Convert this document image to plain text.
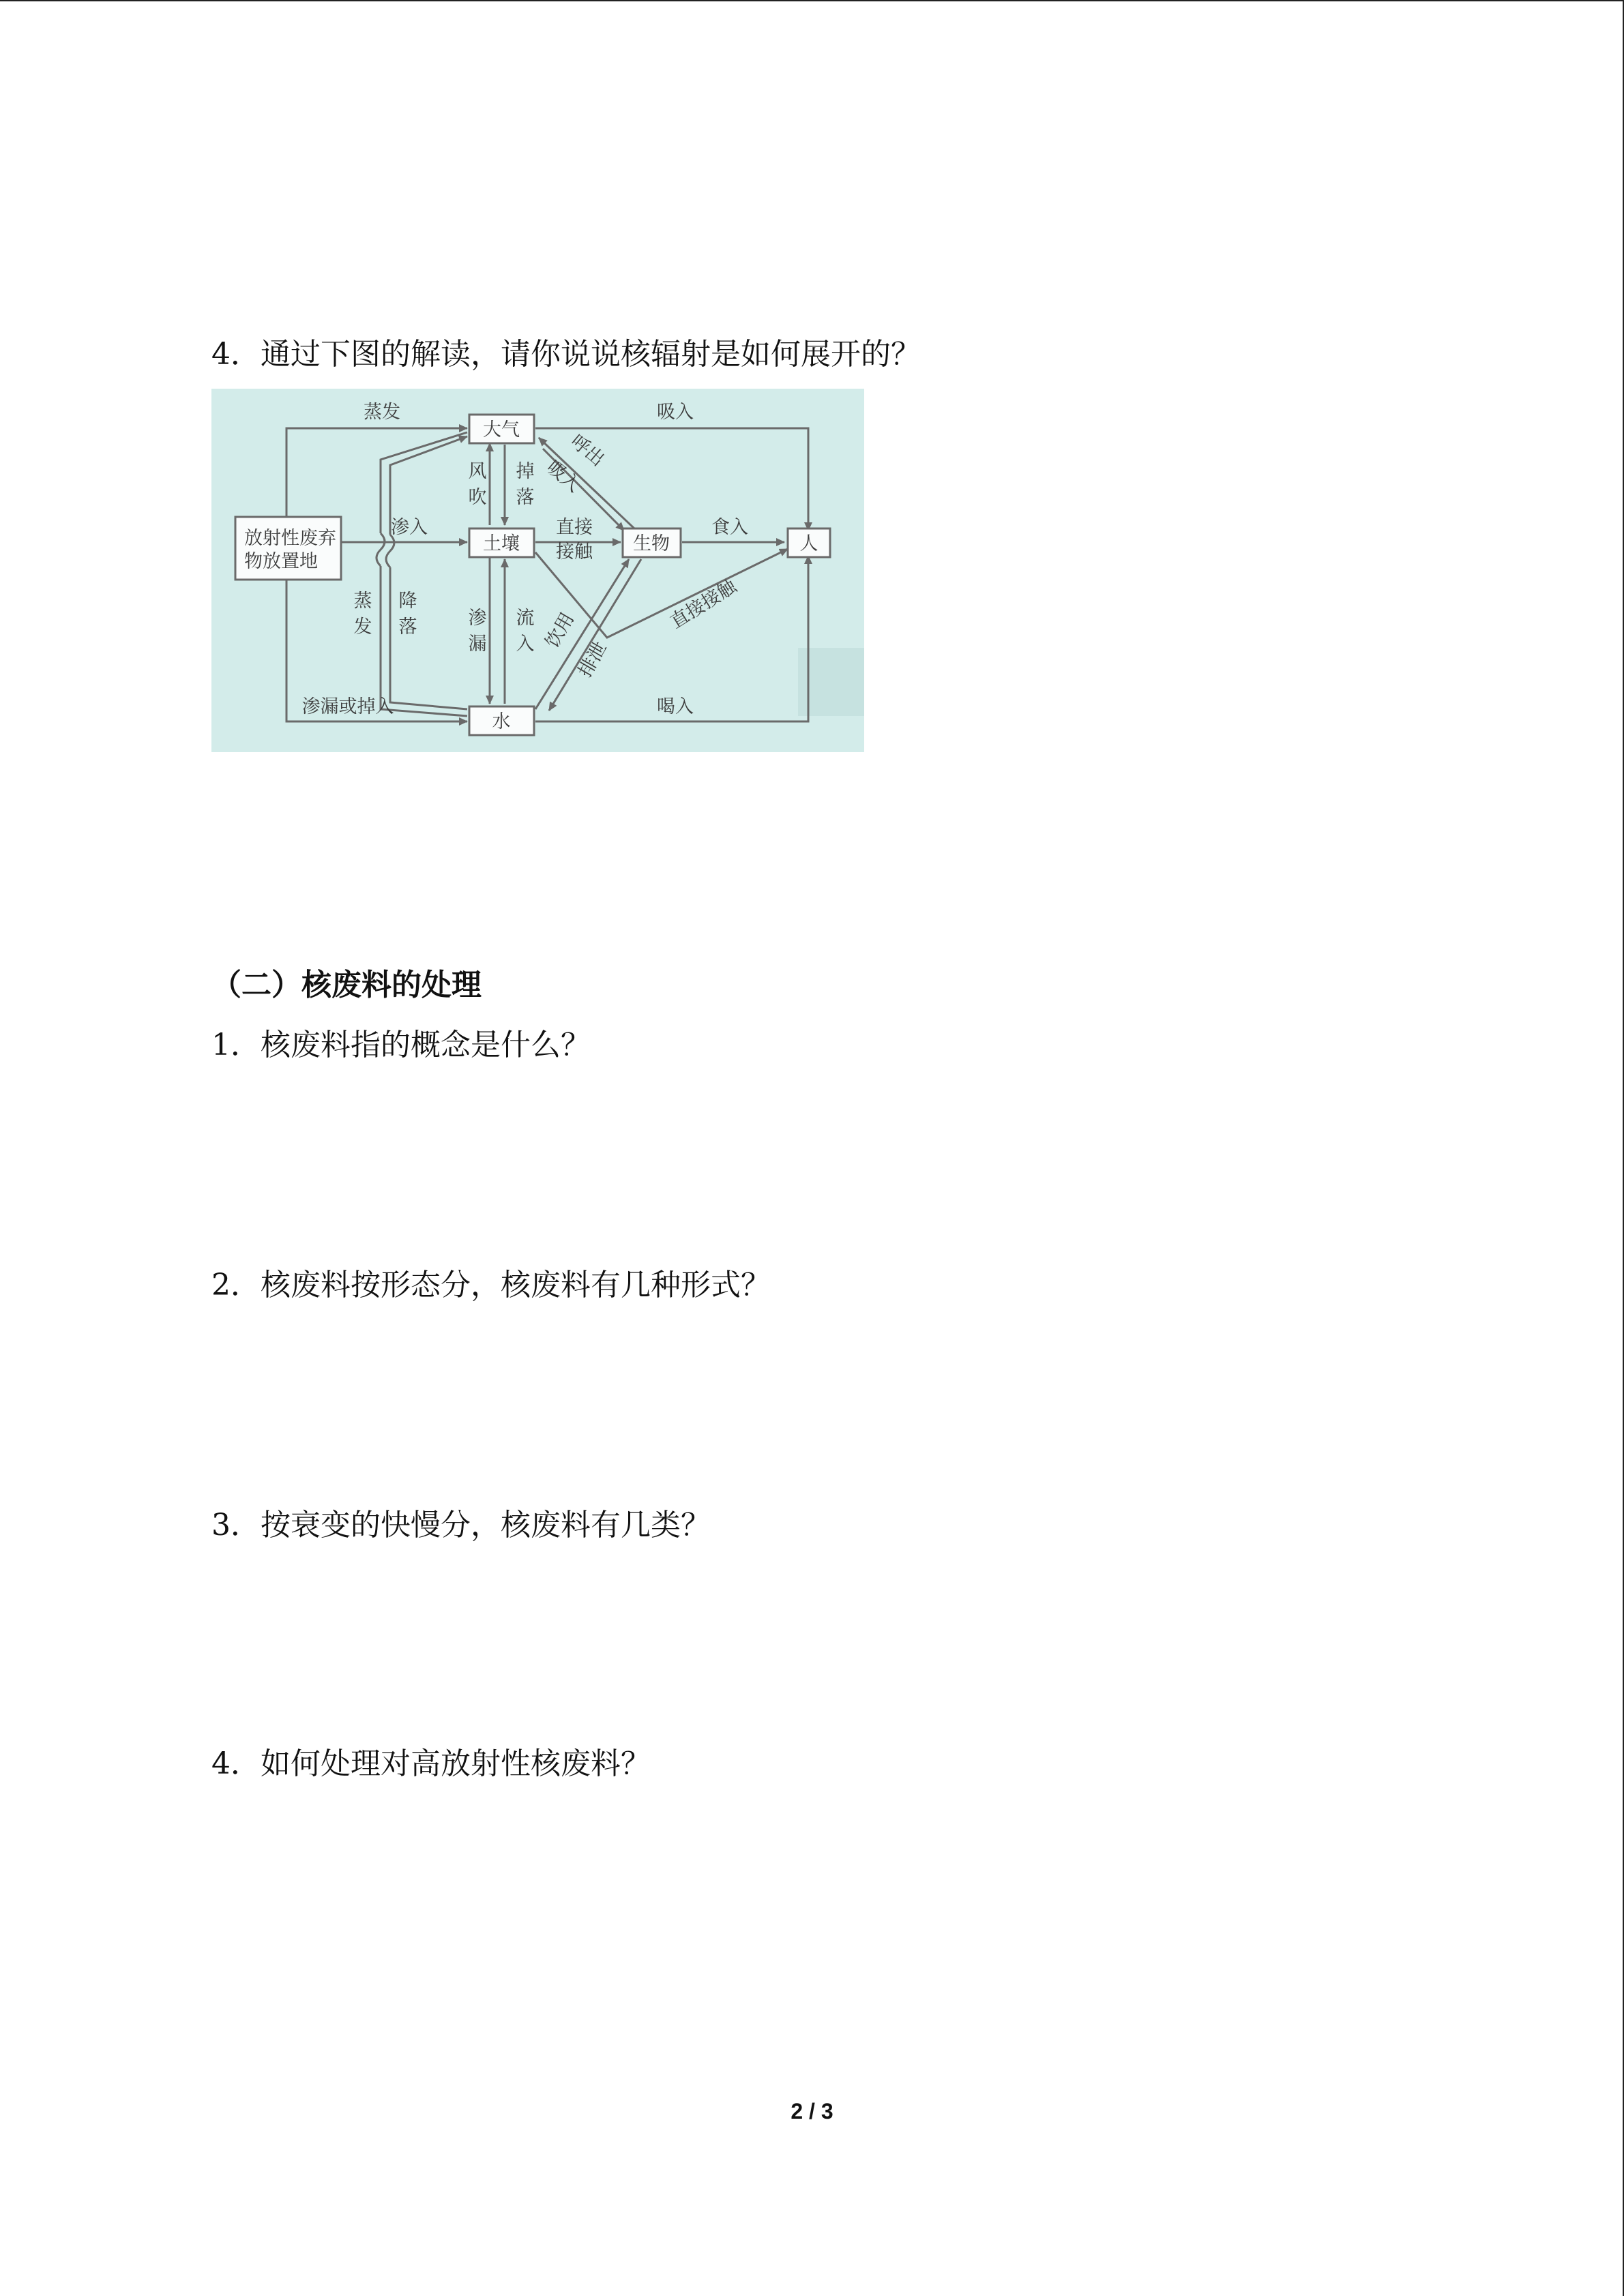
4．通过下图的解读，请你说说核辐射是如何展开的？
放射性废弃
物放置地
大气
土壤	生物	人
水
蒸发	吸入
渗入	直接
接触
食入
风
吹
掉
落
蒸
发
降
落	渗
漏
流
入
渗漏或掉入	喝入
呼出
吸入
饮用
排泄
直接接触
（二）核废料的处理
1．核废料指的概念是什么？
2．核废料按形态分，核废料有几种形式？
3．按衰变的快慢分，核废料有几类？
4．如何处理对高放射性核废料？
2 / 3
